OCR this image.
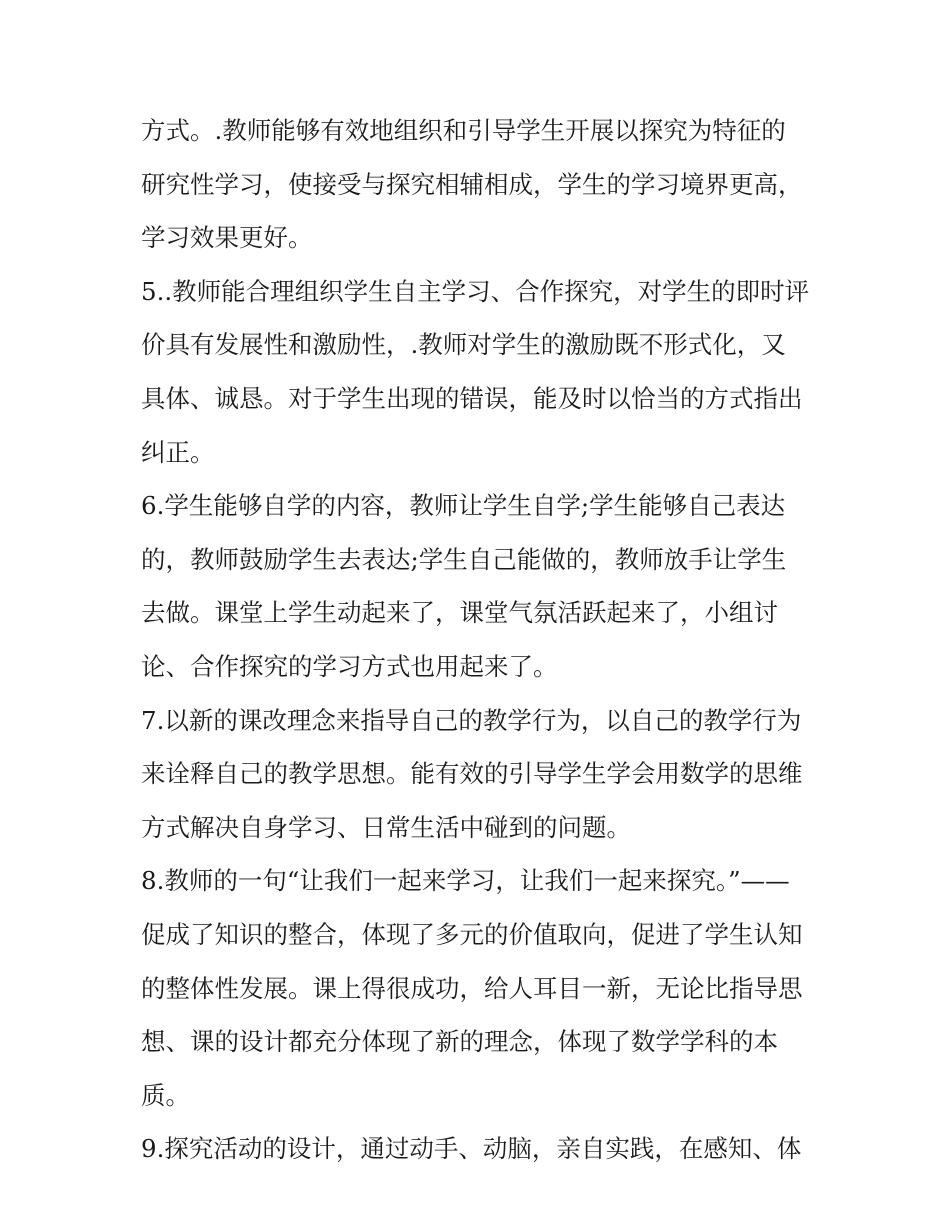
方式。.教师能够有效地组织和引导学生开展以探究为特征的
研究性学习，使接受与探究相辅相成，学生的学习境界更高，
学习效果更好。
5..教师能合理组织学生自主学习、合作探究，对学生的即时评
价具有发展性和激励性，.教师对学生的激励既不形式化，又
具体、诚恳。对于学生出现的错误，能及时以恰当的方式指出
纠正。
6.学生能够自学的内容，教师让学生自学;学生能够自己表达
的，教师鼓励学生去表达;学生自己能做的，教师放手让学生
去做。课堂上学生动起来了，课堂气氛活跃起来了，小组讨
论、合作探究的学习方式也用起来了。
7.以新的课改理念来指导自己的教学行为，以自己的教学行为
来诠释自己的教学思想。能有效的引导学生学会用数学的思维
方式解决自身学习、日常生活中碰到的问题。
8.教师的一句“让我们一起来学习，让我们一起来探究。”——
促成了知识的整合，体现了多元的价值取向，促进了学生认知
的整体性发展。课上得很成功，给人耳目一新，无论比指导思
想、课的设计都充分体现了新的理念，体现了数学学科的本
质。
9.探究活动的设计，通过动手、动脑，亲自实践，在感知、体
